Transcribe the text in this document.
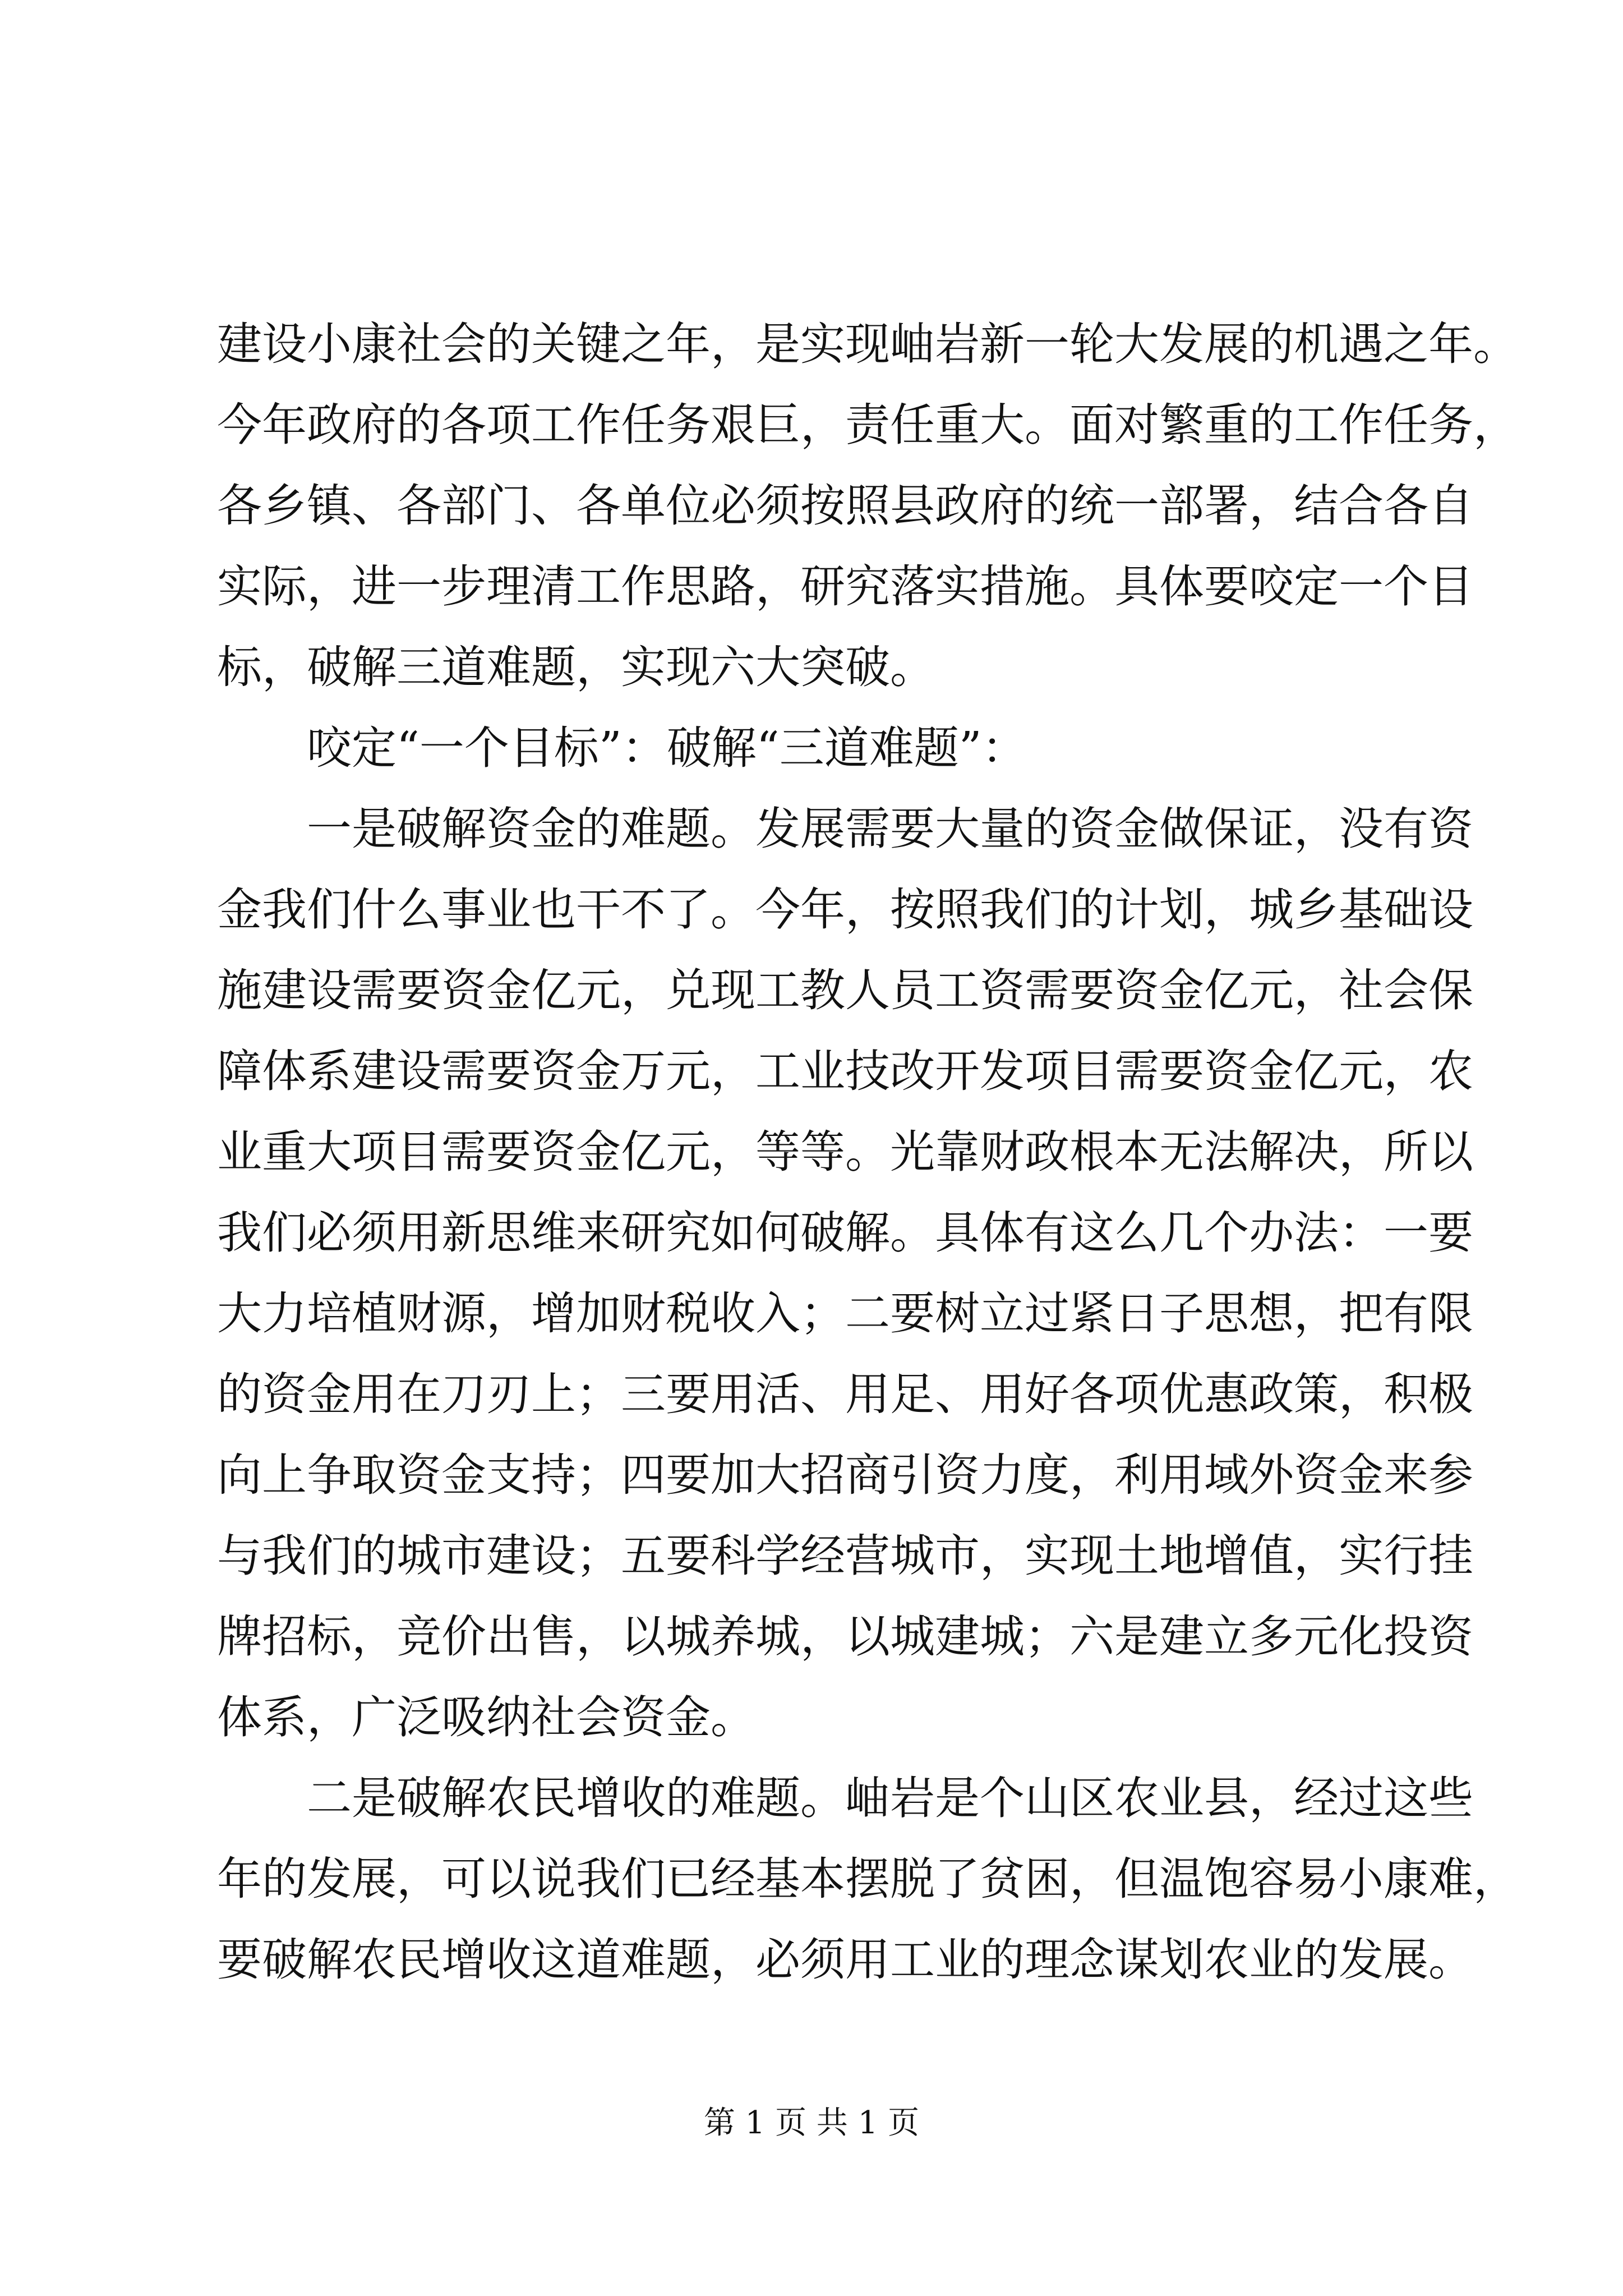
建设小康社会的关键之年，是实现岫岩新一轮大发展的机遇之年。
今年政府的各项工作任务艰巨，责任重大。面对繁重的工作任务，
各乡镇、各部门、各单位必须按照县政府的统一部署，结合各自
实际，进一步理清工作思路，研究落实措施。具体要咬定一个目
标，破解三道难题，实现六大突破。
咬定“一个目标”：破解“三道难题”：
一是破解资金的难题。发展需要大量的资金做保证，没有资
金我们什么事业也干不了。今年，按照我们的计划，城乡基础设
施建设需要资金亿元，兑现工教人员工资需要资金亿元，社会保
障体系建设需要资金万元，工业技改开发项目需要资金亿元，农
业重大项目需要资金亿元，等等。光靠财政根本无法解决，所以
我们必须用新思维来研究如何破解。具体有这么几个办法：一要
大力培植财源，增加财税收入；二要树立过紧日子思想，把有限
的资金用在刀刃上；三要用活、用足、用好各项优惠政策，积极
向上争取资金支持；四要加大招商引资力度，利用域外资金来参
与我们的城市建设；五要科学经营城市，实现土地增值，实行挂
牌招标，竞价出售，以城养城，以城建城；六是建立多元化投资
体系，广泛吸纳社会资金。
二是破解农民增收的难题。岫岩是个山区农业县，经过这些
年的发展，可以说我们已经基本摆脱了贫困，但温饱容易小康难，
要破解农民增收这道难题，必须用工业的理念谋划农业的发展。
第 1 页 共 1 页
